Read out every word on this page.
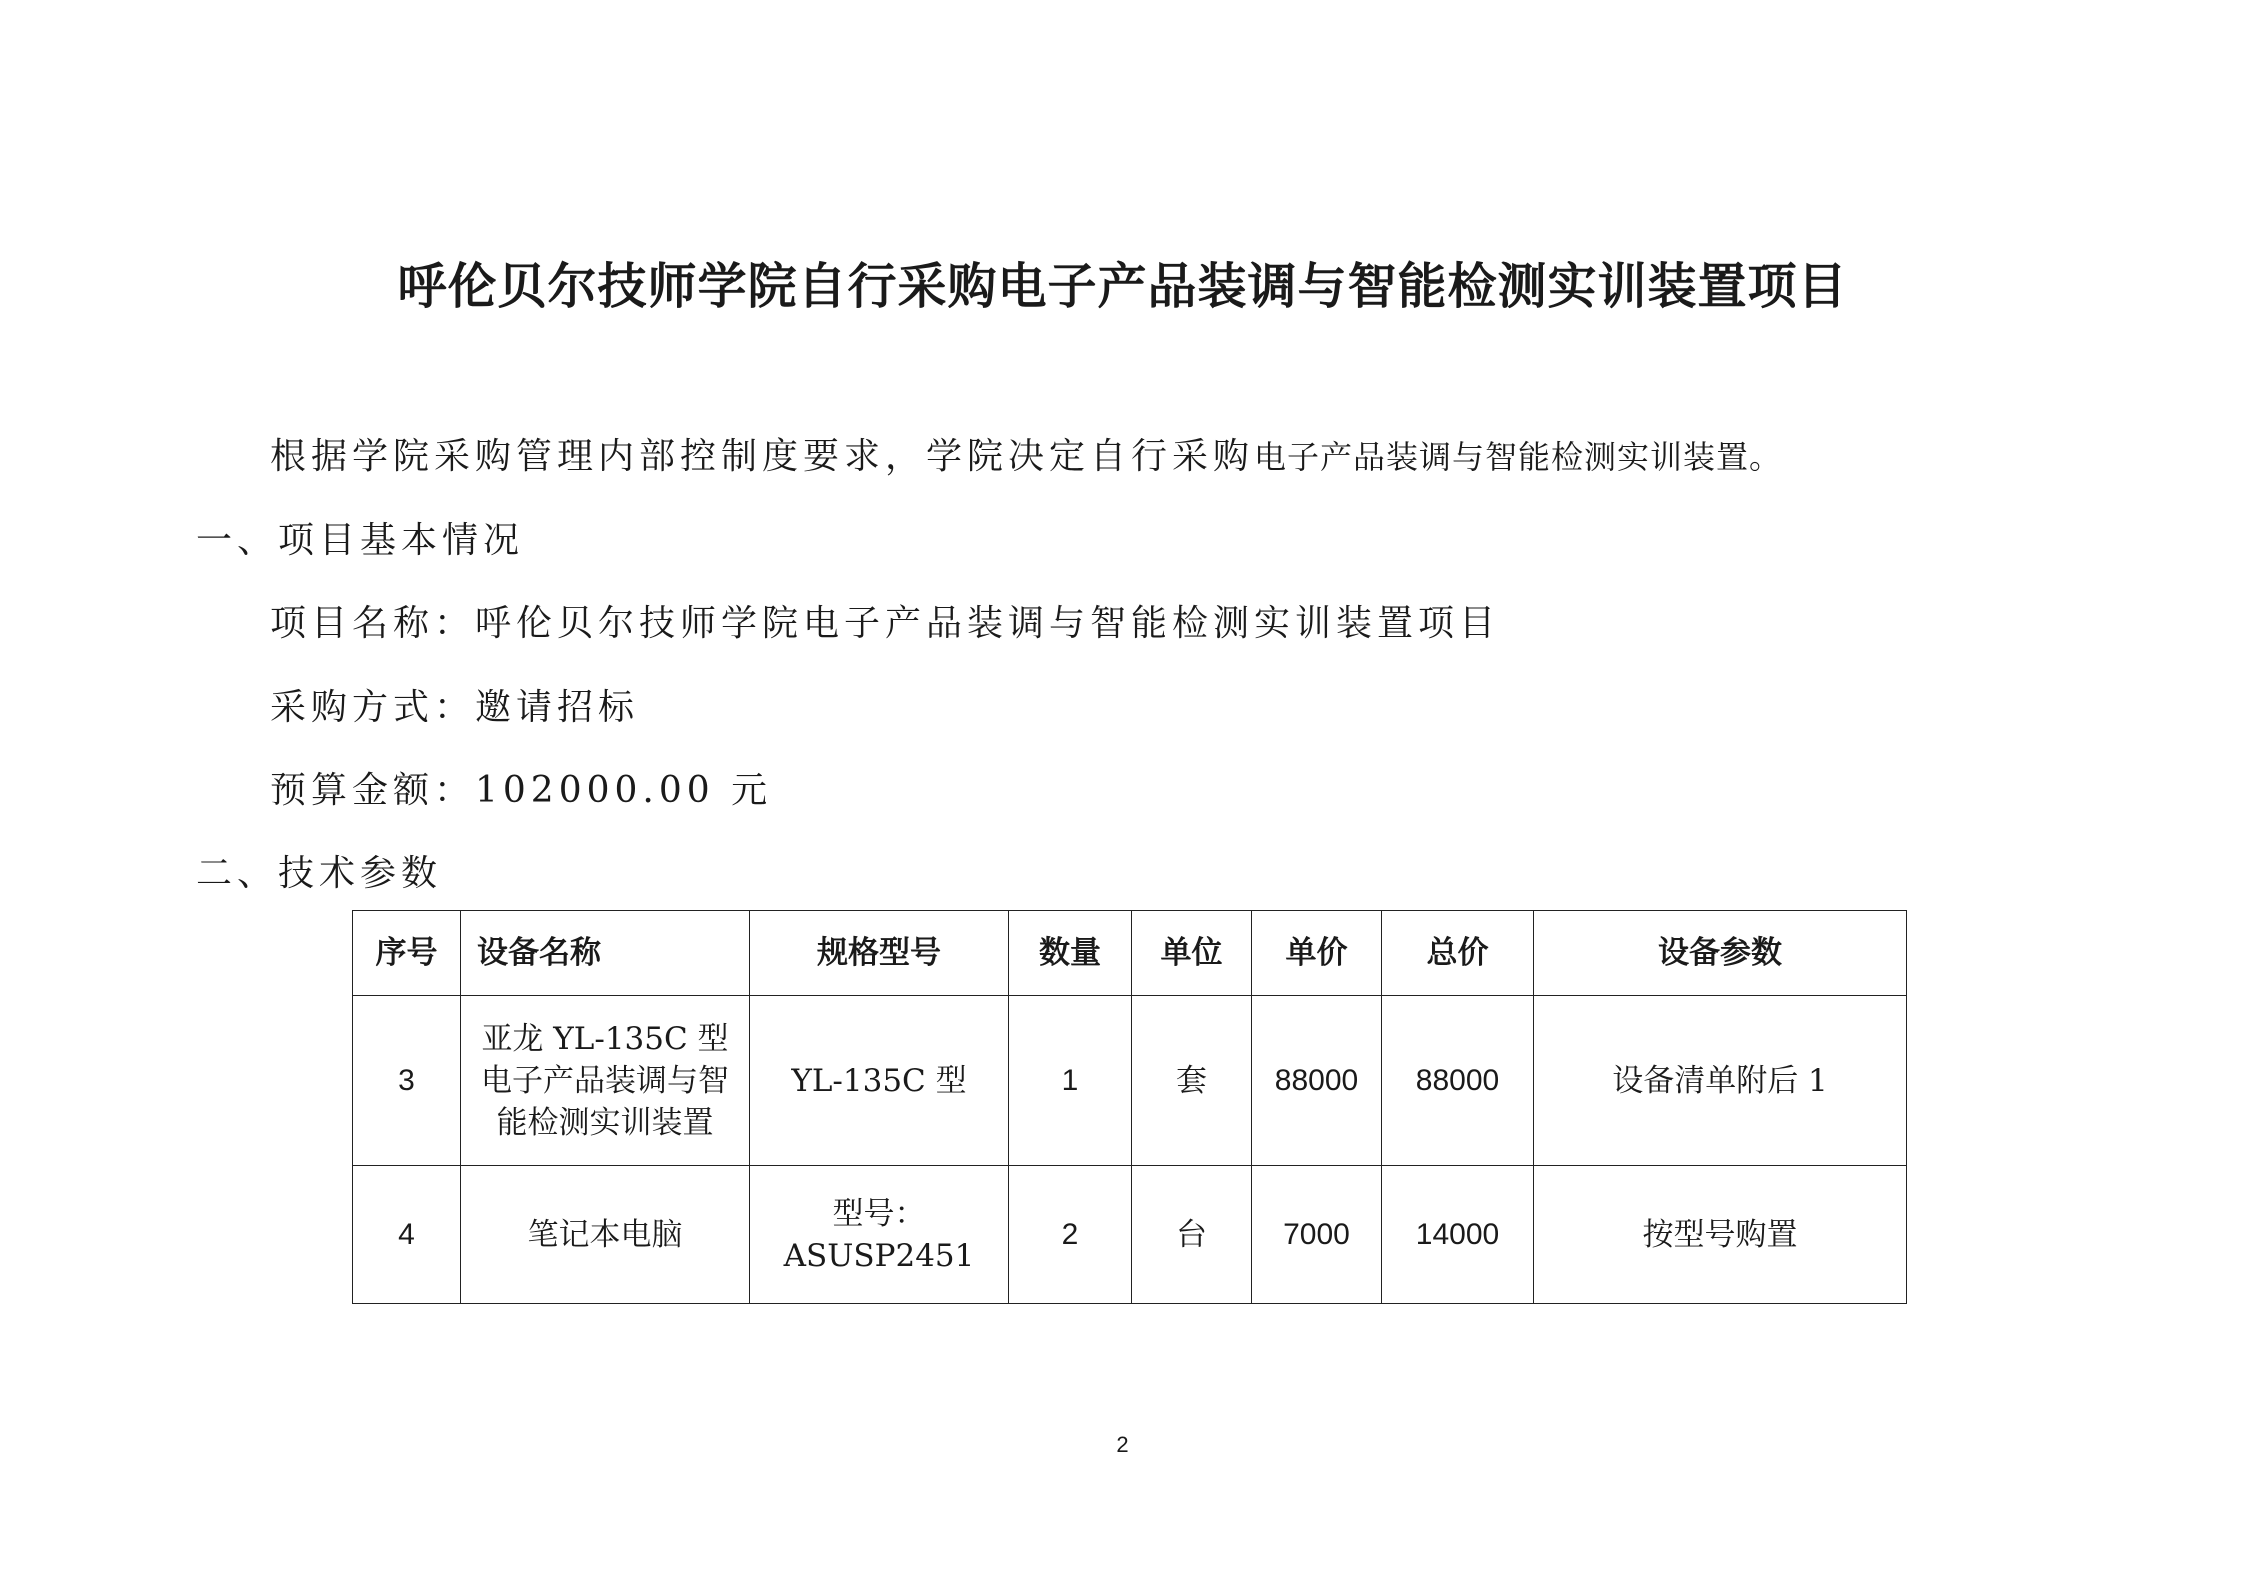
呼伦贝尔技师学院自行采购电子产品装调与智能检测实训装置项目
根据学院采购管理内部控制度要求，学院决定自行采购电子产品装调与智能检测实训装置。
一、项目基本情况
项目名称：呼伦贝尔技师学院电子产品装调与智能检测实训装置项目
采购方式：邀请招标
预算金额：102000.00 元
二、技术参数
序号	设备名称	规格型号	数量	单位	单价	总价	设备参数
3	亚龙 YL-135C 型电子产品装调与智能检测实训装置	YL-135C 型	1	套	88000	88000	设备清单附后 1
4	笔记本电脑	型号：ASUSP2451	2	台	7000	14000	按型号购置
2
